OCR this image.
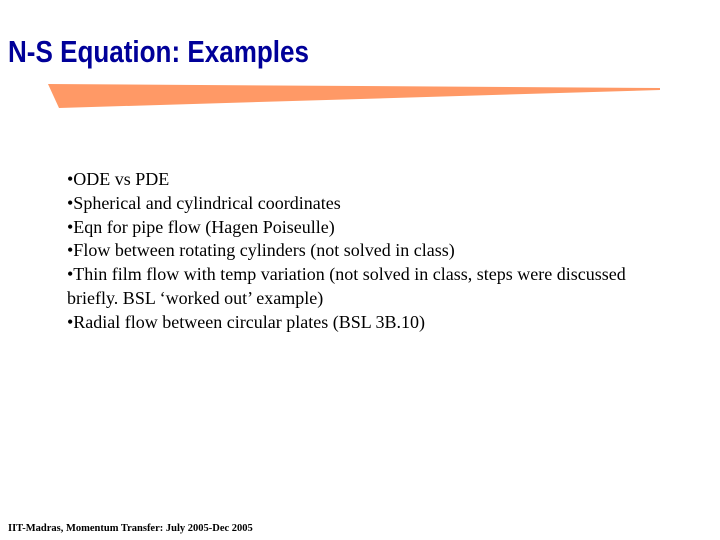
N-S Equation: Examples
•ODE vs PDE
•Spherical and cylindrical coordinates
•Eqn for pipe flow (Hagen Poiseulle)
•Flow between rotating cylinders (not solved in class)
•Thin film flow with temp variation (not solved in class, steps were discussed briefly. BSL ‘worked out’ example)
•Radial flow between circular plates (BSL 3B.10)
IIT-Madras, Momentum Transfer: July 2005-Dec 2005
